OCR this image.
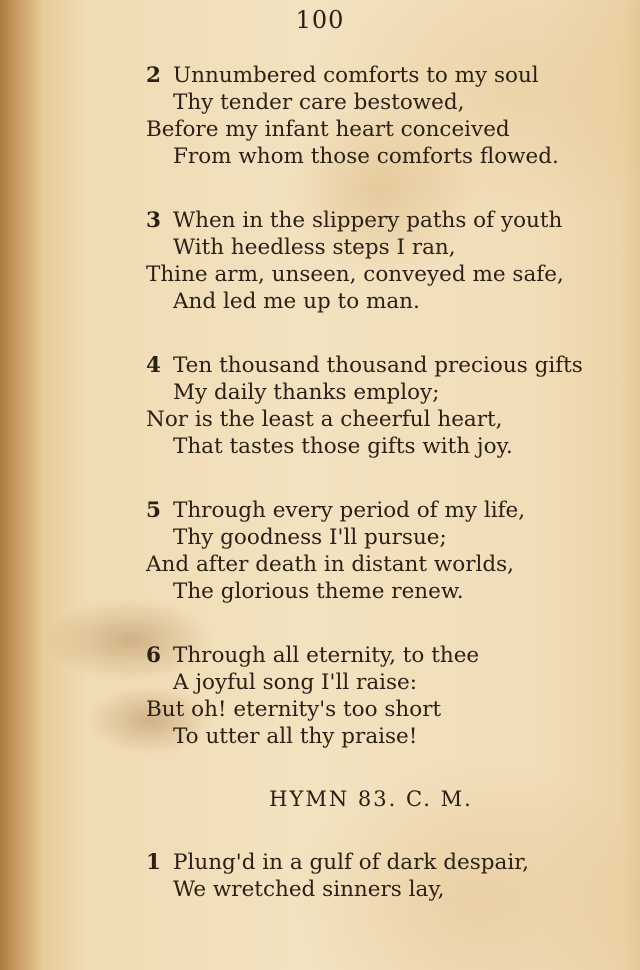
100
2 Unnumbered comforts to my soul
Thy tender care bestowed,
Before my infant heart conceived
From whom those comforts flowed.
3 When in the slippery paths of youth
With heedless steps I ran,
Thine arm, unseen, conveyed me safe,
And led me up to man.
4 Ten thousand thousand precious gifts
My daily thanks employ;
Nor is the least a cheerful heart,
That tastes those gifts with joy.
5 Through every period of my life,
Thy goodness I'll pursue;
And after death in distant worlds,
The glorious theme renew.
6 Through all eternity, to thee
A joyful song I'll raise:
But oh! eternity's too short
To utter all thy praise!
HYMN 83. C. M.
1 Plung'd in a gulf of dark despair,
We wretched sinners lay,
